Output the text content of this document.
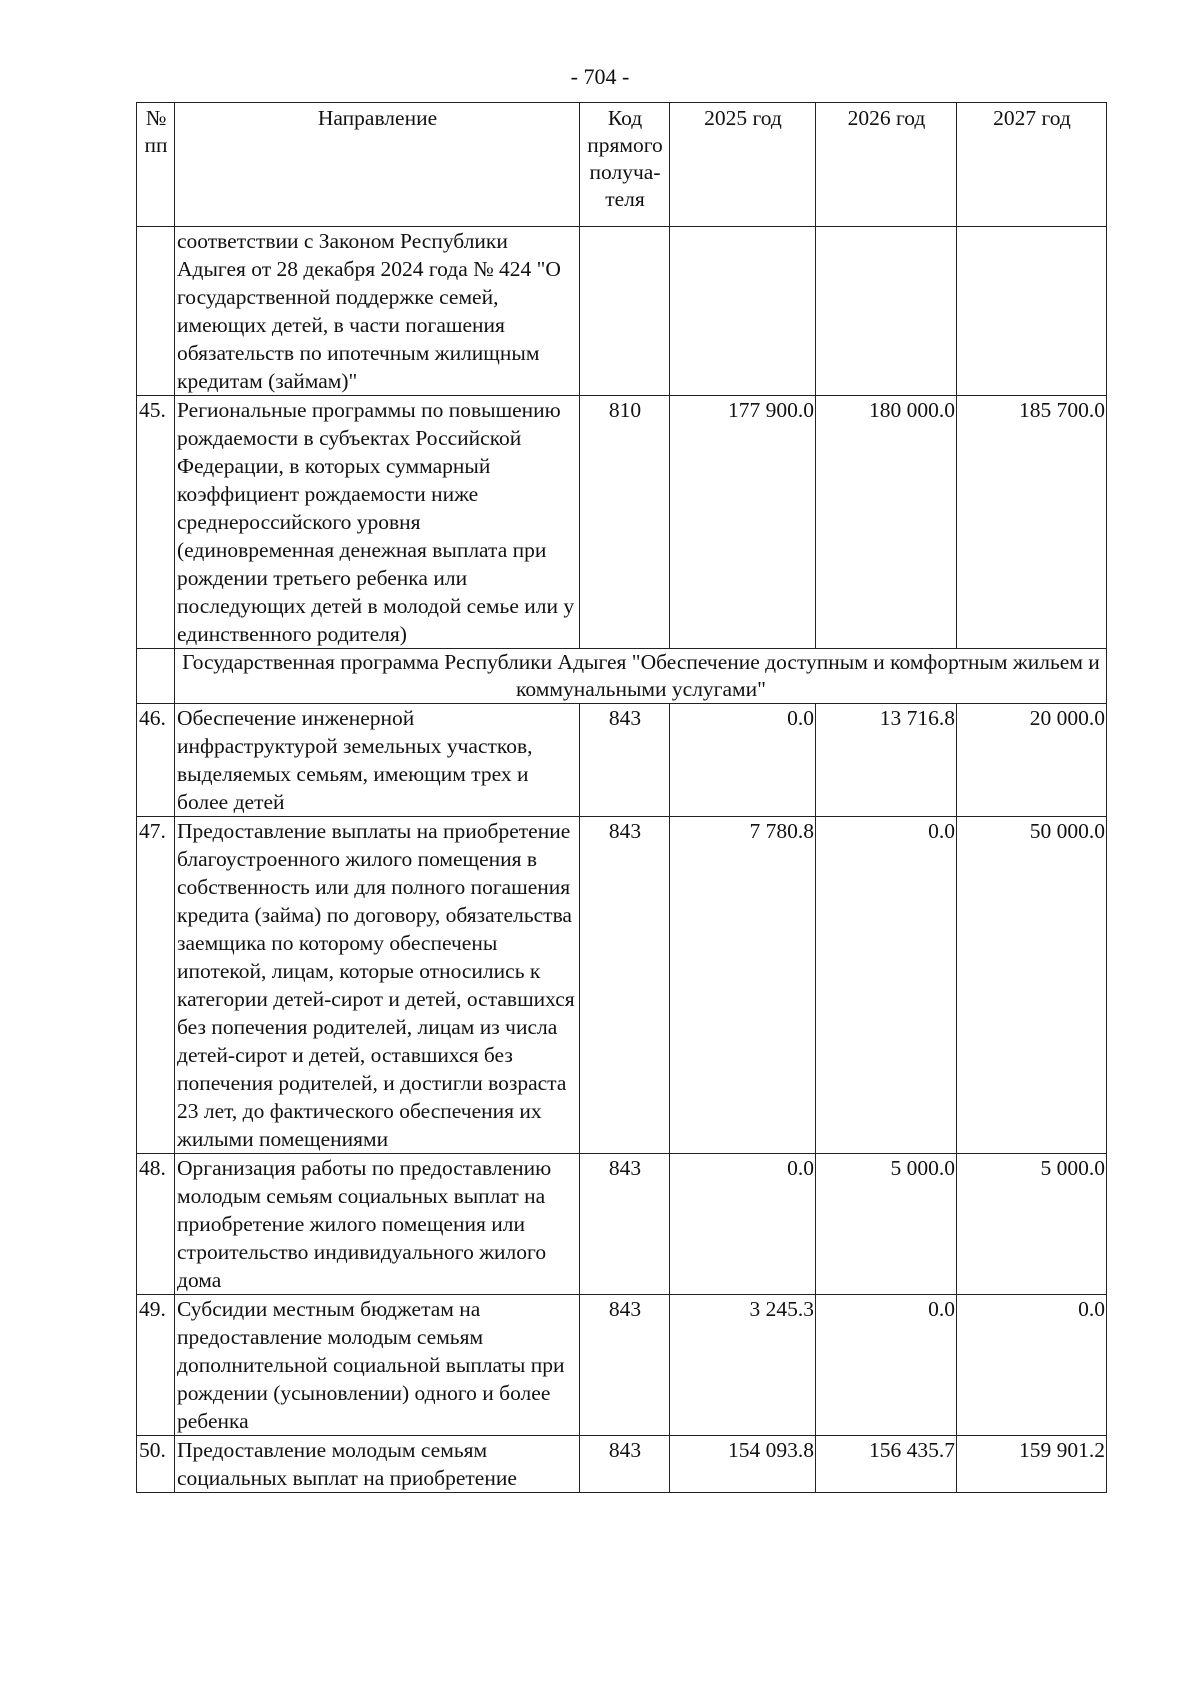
- 704 -
№ пп	Направление	Код прямого получа-теля	2025 год	2026 год	2027 год
	соответствии с Законом Республики Адыгея от 28 декабря 2024 года № 424 "О государственной поддержке семей, имеющих детей, в части погашения обязательств по ипотечным жилищным кредитам (займам)"				
45.	Региональные программы по повышению рождаемости в субъектах Российской Федерации, в которых суммарный коэффициент рождаемости ниже среднероссийского уровня (единовременная денежная выплата при рождении третьего ребенка или последующих детей в молодой семье или у единственного родителя)	810	177 900.0	180 000.0	185 700.0
	Государственная программа Республики Адыгея "Обеспечение доступным и комфортным жильем и коммунальными услугами"				
46.	Обеспечение инженерной инфраструктурой земельных участков, выделяемых семьям, имеющим трех и более детей	843	0.0	13 716.8	20 000.0
47.	Предоставление выплаты на приобретение благоустроенного жилого помещения в собственность или для полного погашения кредита (займа) по договору, обязательства заемщика по которому обеспечены ипотекой, лицам, которые относились к категории детей-сирот и детей, оставшихся без попечения родителей, лицам из числа детей-сирот и детей, оставшихся без попечения родителей, и достигли возраста 23 лет, до фактического обеспечения их жилыми помещениями	843	7 780.8	0.0	50 000.0
48.	Организация работы по предоставлению молодым семьям социальных выплат на приобретение жилого помещения или строительство индивидуального жилого дома	843	0.0	5 000.0	5 000.0
49.	Субсидии местным бюджетам на предоставление молодым семьям дополнительной социальной выплаты при рождении (усыновлении) одного и более ребенка	843	3 245.3	0.0	0.0
50.	Предоставление молодым семьям социальных выплат на приобретение	843	154 093.8	156 435.7	159 901.2
